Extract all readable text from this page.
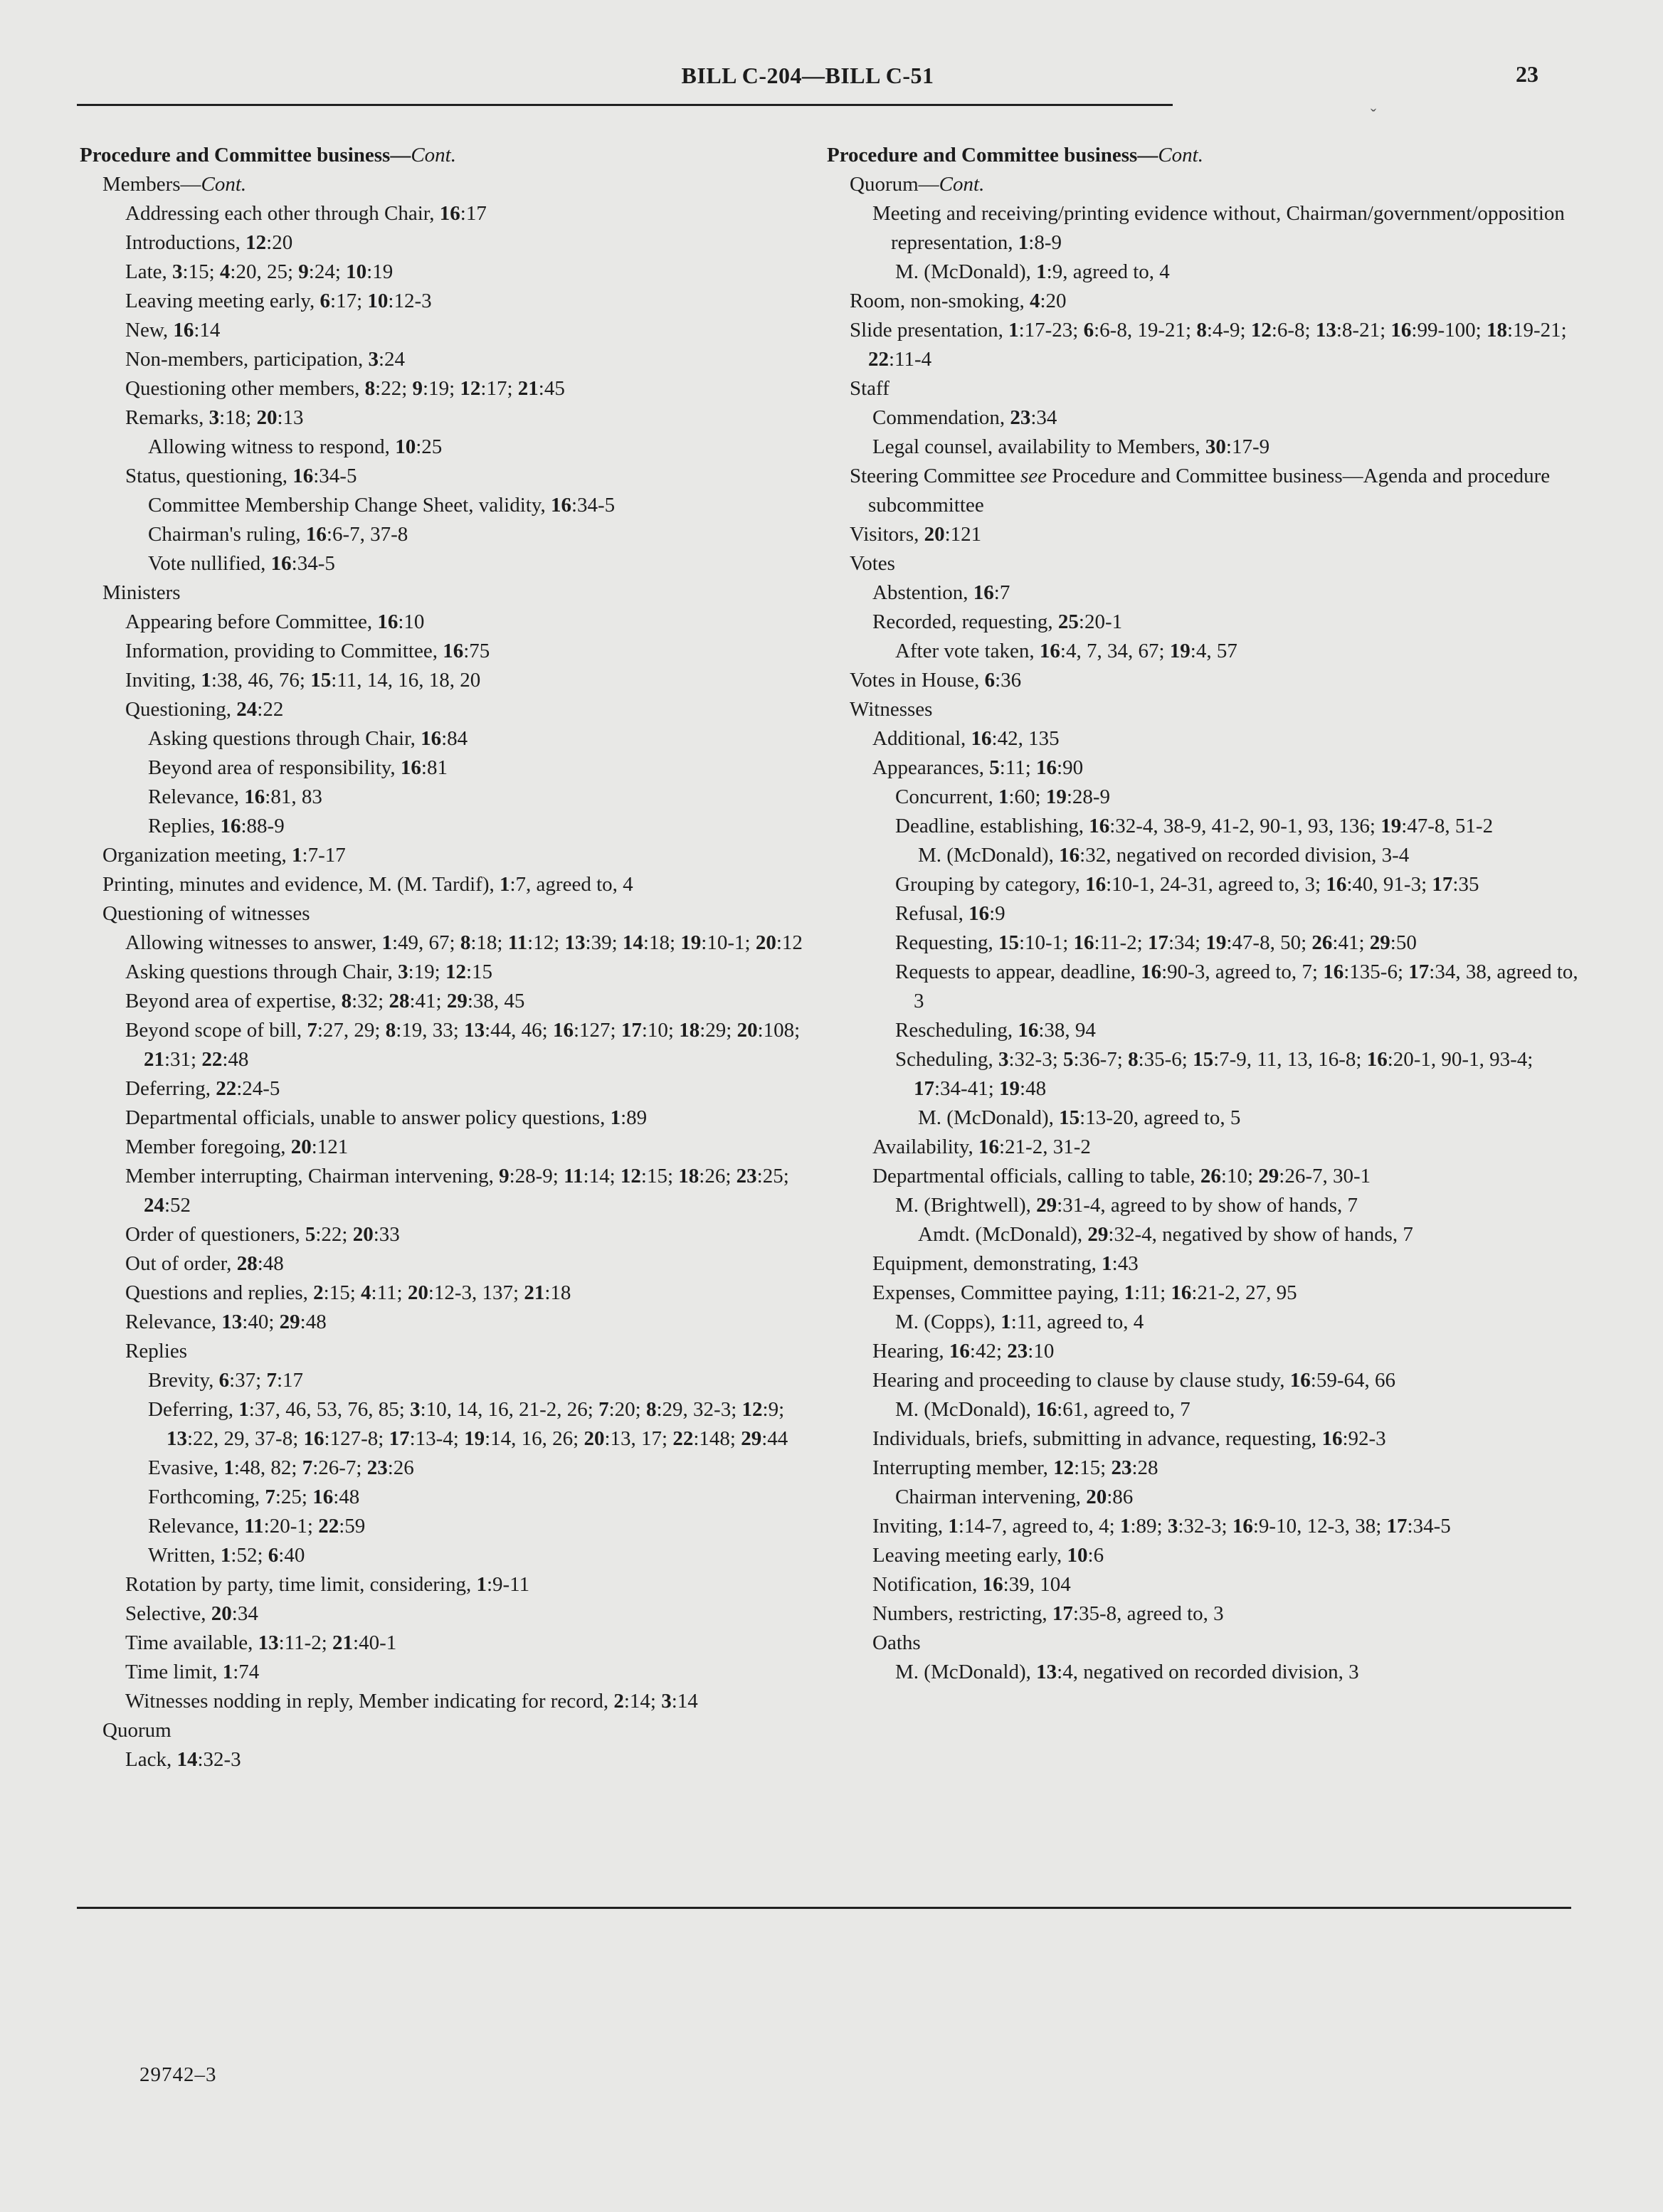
BILL C-204—BILL C-51	23
ˇ
Procedure and Committee business—Cont.
Members—Cont.
Addressing each other through Chair, 16:17
Introductions, 12:20
Late, 3:15; 4:20, 25; 9:24; 10:19
Leaving meeting early, 6:17; 10:12-3
New, 16:14
Non-members, participation, 3:24
Questioning other members, 8:22; 9:19; 12:17; 21:45
Remarks, 3:18; 20:13
Allowing witness to respond, 10:25
Status, questioning, 16:34-5
Committee Membership Change Sheet, validity, 16:34-5
Chairman's ruling, 16:6-7, 37-8
Vote nullified, 16:34-5
Ministers
Appearing before Committee, 16:10
Information, providing to Committee, 16:75
Inviting, 1:38, 46, 76; 15:11, 14, 16, 18, 20
Questioning, 24:22
Asking questions through Chair, 16:84
Beyond area of responsibility, 16:81
Relevance, 16:81, 83
Replies, 16:88-9
Organization meeting, 1:7-17
Printing, minutes and evidence, M. (M. Tardif), 1:7, agreed to, 4
Questioning of witnesses
Allowing witnesses to answer, 1:49, 67; 8:18; 11:12; 13:39; 14:18; 19:10-1; 20:12
Asking questions through Chair, 3:19; 12:15
Beyond area of expertise, 8:32; 28:41; 29:38, 45
Beyond scope of bill, 7:27, 29; 8:19, 33; 13:44, 46; 16:127; 17:10; 18:29; 20:108; 21:31; 22:48
Deferring, 22:24-5
Departmental officials, unable to answer policy questions, 1:89
Member foregoing, 20:121
Member interrupting, Chairman intervening, 9:28-9; 11:14; 12:15; 18:26; 23:25; 24:52
Order of questioners, 5:22; 20:33
Out of order, 28:48
Questions and replies, 2:15; 4:11; 20:12-3, 137; 21:18
Relevance, 13:40; 29:48
Replies
Brevity, 6:37; 7:17
Deferring, 1:37, 46, 53, 76, 85; 3:10, 14, 16, 21-2, 26; 7:20; 8:29, 32-3; 12:9; 13:22, 29, 37-8; 16:127-8; 17:13-4; 19:14, 16, 26; 20:13, 17; 22:148; 29:44
Evasive, 1:48, 82; 7:26-7; 23:26
Forthcoming, 7:25; 16:48
Relevance, 11:20-1; 22:59
Written, 1:52; 6:40
Rotation by party, time limit, considering, 1:9-11
Selective, 20:34
Time available, 13:11-2; 21:40-1
Time limit, 1:74
Witnesses nodding in reply, Member indicating for record, 2:14; 3:14
Quorum
Lack, 14:32-3
Procedure and Committee business—Cont.
Quorum—Cont.
Meeting and receiving/printing evidence without, Chairman/government/opposition representation, 1:8-9
M. (McDonald), 1:9, agreed to, 4
Room, non-smoking, 4:20
Slide presentation, 1:17-23; 6:6-8, 19-21; 8:4-9; 12:6-8; 13:8-21; 16:99-100; 18:19-21; 22:11-4
Staff
Commendation, 23:34
Legal counsel, availability to Members, 30:17-9
Steering Committee see Procedure and Committee business—Agenda and procedure subcommittee
Visitors, 20:121
Votes
Abstention, 16:7
Recorded, requesting, 25:20-1
After vote taken, 16:4, 7, 34, 67; 19:4, 57
Votes in House, 6:36
Witnesses
Additional, 16:42, 135
Appearances, 5:11; 16:90
Concurrent, 1:60; 19:28-9
Deadline, establishing, 16:32-4, 38-9, 41-2, 90-1, 93, 136; 19:47-8, 51-2
M. (McDonald), 16:32, negatived on recorded division, 3-4
Grouping by category, 16:10-1, 24-31, agreed to, 3; 16:40, 91-3; 17:35
Refusal, 16:9
Requesting, 15:10-1; 16:11-2; 17:34; 19:47-8, 50; 26:41; 29:50
Requests to appear, deadline, 16:90-3, agreed to, 7; 16:135-6; 17:34, 38, agreed to, 3
Rescheduling, 16:38, 94
Scheduling, 3:32-3; 5:36-7; 8:35-6; 15:7-9, 11, 13, 16-8; 16:20-1, 90-1, 93-4; 17:34-41; 19:48
M. (McDonald), 15:13-20, agreed to, 5
Availability, 16:21-2, 31-2
Departmental officials, calling to table, 26:10; 29:26-7, 30-1
M. (Brightwell), 29:31-4, agreed to by show of hands, 7
Amdt. (McDonald), 29:32-4, negatived by show of hands, 7
Equipment, demonstrating, 1:43
Expenses, Committee paying, 1:11; 16:21-2, 27, 95
M. (Copps), 1:11, agreed to, 4
Hearing, 16:42; 23:10
Hearing and proceeding to clause by clause study, 16:59-64, 66
M. (McDonald), 16:61, agreed to, 7
Individuals, briefs, submitting in advance, requesting, 16:92-3
Interrupting member, 12:15; 23:28
Chairman intervening, 20:86
Inviting, 1:14-7, agreed to, 4; 1:89; 3:32-3; 16:9-10, 12-3, 38; 17:34-5
Leaving meeting early, 10:6
Notification, 16:39, 104
Numbers, restricting, 17:35-8, agreed to, 3
Oaths
M. (McDonald), 13:4, negatived on recorded division, 3
29742–3
